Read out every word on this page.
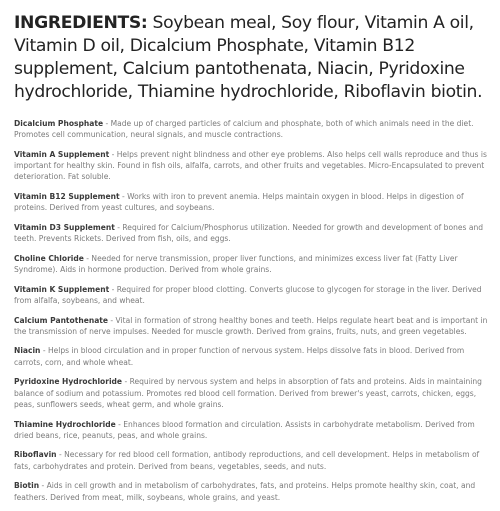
INGREDIENTS: Soybean meal, Soy flour, Vitamin A oil, Vitamin D oil, Dicalcium Phosphate, Vitamin B12 supplement, Calcium pantothenata, Niacin, Pyridoxine hydrochloride, Thiamine hydrochloride, Riboflavin biotin.

Dicalcium Phosphate - Made up of charged particles of calcium and phosphate, both of which animals need in the diet. Promotes cell communication, neural signals, and muscle contractions.

Vitamin A Supplement - Helps prevent night blindness and other eye problems. Also helps cell walls reproduce and thus is important for healthy skin. Found in fish oils, alfalfa, carrots, and other fruits and vegetables. Micro-Encapsulated to prevent deterioration. Fat soluble.

Vitamin B12 Supplement - Works with iron to prevent anemia. Helps maintain oxygen in blood. Helps in digestion of proteins. Derived from yeast cultures, and soybeans.

Vitamin D3 Supplement - Required for Calcium/Phosphorus utilization. Needed for growth and development of bones and teeth. Prevents Rickets. Derived from fish, oils, and eggs.

Choline Chloride - Needed for nerve transmission, proper liver functions, and minimizes excess liver fat (Fatty Liver Syndrome). Aids in hormone production. Derived from whole grains.

Vitamin K Supplement - Required for proper blood clotting. Converts glucose to glycogen for storage in the liver. Derived from alfalfa, soybeans, and wheat.

Calcium Pantothenate - Vital in formation of strong healthy bones and teeth. Helps regulate heart beat and is important in the transmission of nerve impulses. Needed for muscle growth. Derived from grains, fruits, nuts, and green vegetables.

Niacin - Helps in blood circulation and in proper function of nervous system. Helps dissolve fats in blood. Derived from carrots, corn, and whole wheat.

Pyridoxine Hydrochloride - Required by nervous system and helps in absorption of fats and proteins. Aids in maintaining balance of sodium and potassium. Promotes red blood cell formation. Derived from brewer's yeast, carrots, chicken, eggs, peas, sunflowers seeds, wheat germ, and whole grains.

Thiamine Hydrochloride - Enhances blood formation and circulation. Assists in carbohydrate metabolism. Derived from dried beans, rice, peanuts, peas, and whole grains.

Riboflavin - Necessary for red blood cell formation, antibody reproductions, and cell development. Helps in metabolism of fats, carbohydrates and protein. Derived from beans, vegetables, seeds, and nuts.

Biotin - Aids in cell growth and in metabolism of carbohydrates, fats, and proteins. Helps promote healthy skin, coat, and feathers. Derived from meat, milk, soybeans, whole grains, and yeast.
